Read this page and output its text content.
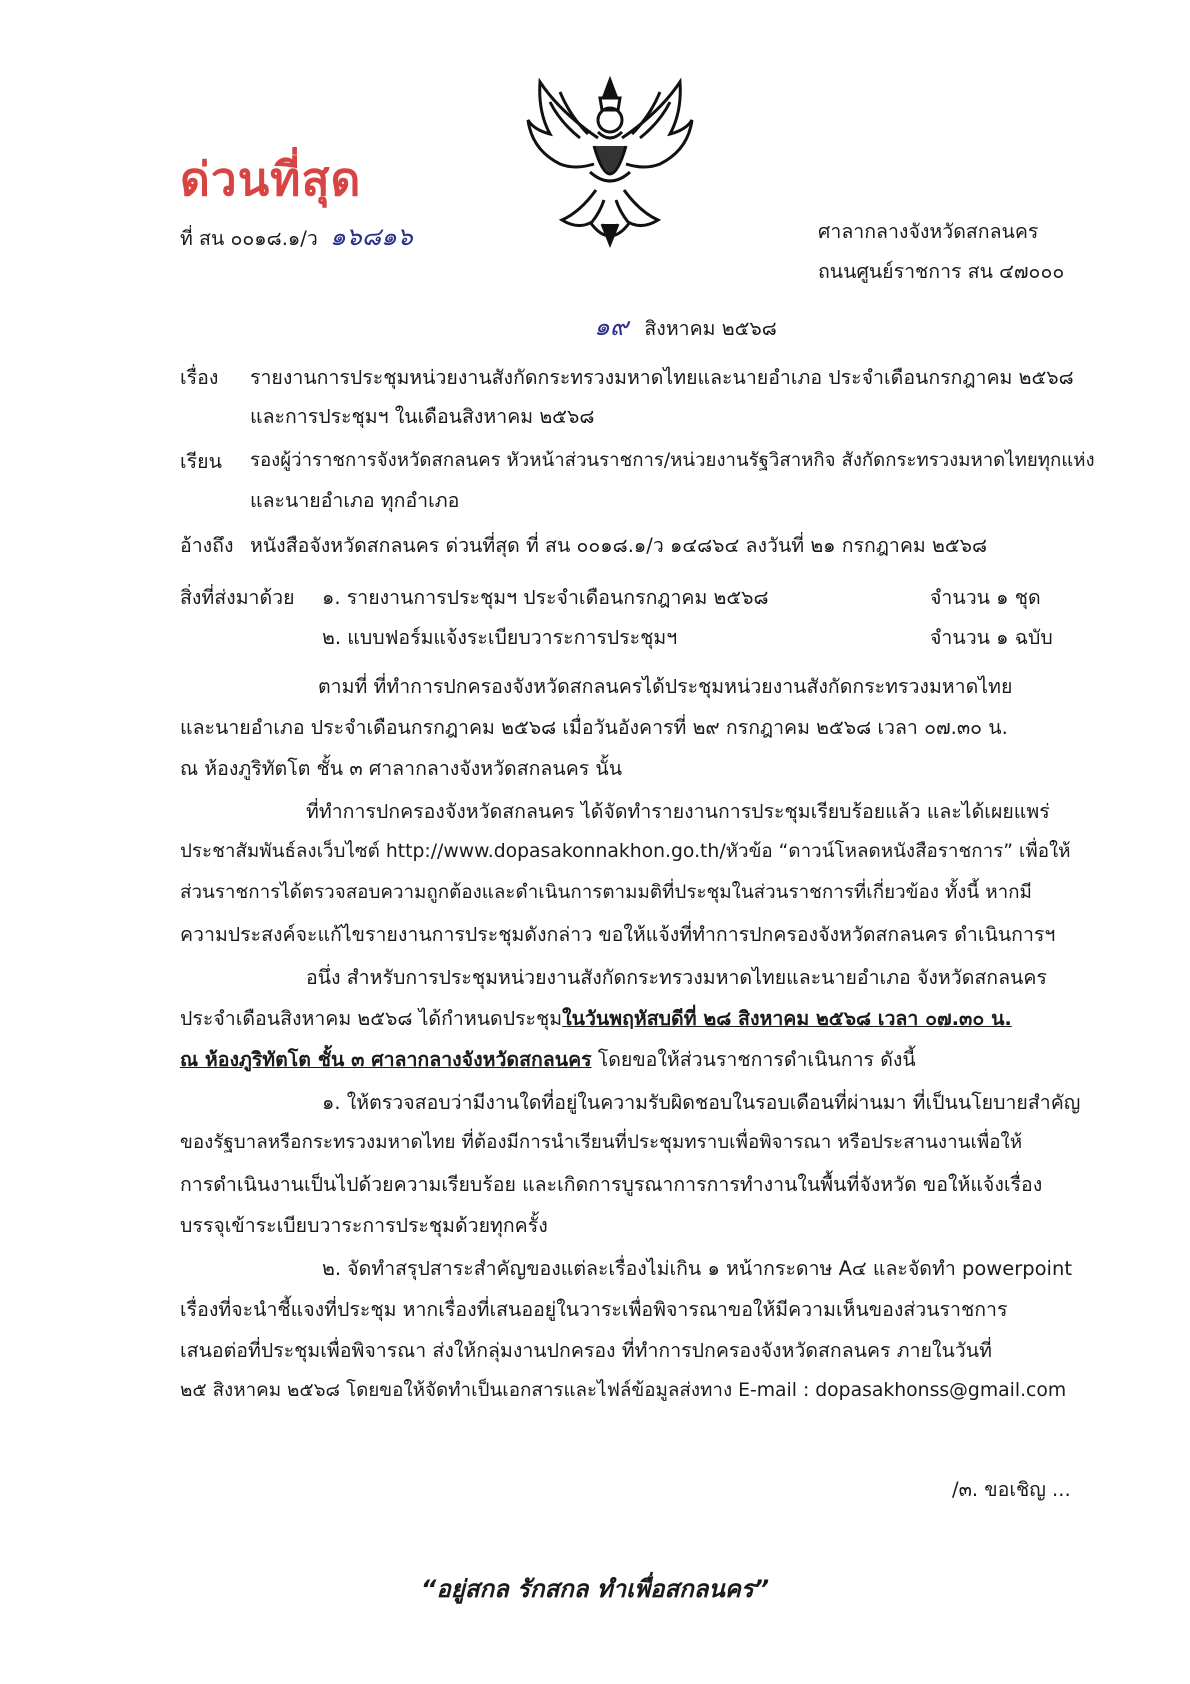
ด่วนที่สุด
ที่ สน ๐๐๑๘.๑/ว ๑๖๘๑๖	ศาลากลางจังหวัดสกลนคร
ถนนศูนย์ราชการ สน ๔๗๐๐๐
๑๙ สิงหาคม ๒๕๖๘
เรื่อง รายงานการประชุมหน่วยงานสังกัดกระทรวงมหาดไทยและนายอำเภอ ประจำเดือนกรกฎาคม ๒๕๖๘
และการประชุมฯ ในเดือนสิงหาคม ๒๕๖๘
เรียน รองผู้ว่าราชการจังหวัดสกลนคร หัวหน้าส่วนราชการ/หน่วยงานรัฐวิสาหกิจ สังกัดกระทรวงมหาดไทยทุกแห่ง
และนายอำเภอ ทุกอำเภอ
อ้างถึง หนังสือจังหวัดสกลนคร ด่วนที่สุด ที่ สน ๐๐๑๘.๑/ว ๑๔๘๖๔ ลงวันที่ ๒๑ กรกฎาคม ๒๕๖๘
สิ่งที่ส่งมาด้วย ๑. รายงานการประชุมฯ ประจำเดือนกรกฎาคม ๒๕๖๘	จำนวน ๑ ชุด
๒. แบบฟอร์มแจ้งระเบียบวาระการประชุมฯ	จำนวน ๑ ฉบับ
ตามที่ ที่ทำการปกครองจังหวัดสกลนครได้ประชุมหน่วยงานสังกัดกระทรวงมหาดไทย
และนายอำเภอ ประจำเดือนกรกฎาคม ๒๕๖๘ เมื่อวันอังคารที่ ๒๙ กรกฎาคม ๒๕๖๘ เวลา ๐๗.๓๐ น.
ณ ห้องภูริทัตโต ชั้น ๓ ศาลากลางจังหวัดสกลนคร นั้น
ที่ทำการปกครองจังหวัดสกลนคร ได้จัดทำรายงานการประชุมเรียบร้อยแล้ว และได้เผยแพร่
ประชาสัมพันธ์ลงเว็บไซต์ http://www.dopasakonnakhon.go.th/หัวข้อ “ดาวน์โหลดหนังสือราชการ” เพื่อให้
ส่วนราชการได้ตรวจสอบความถูกต้องและดำเนินการตามมติที่ประชุมในส่วนราชการที่เกี่ยวข้อง ทั้งนี้ หากมี
ความประสงค์จะแก้ไขรายงานการประชุมดังกล่าว ขอให้แจ้งที่ทำการปกครองจังหวัดสกลนคร ดำเนินการฯ
อนึ่ง สำหรับการประชุมหน่วยงานสังกัดกระทรวงมหาดไทยและนายอำเภอ จังหวัดสกลนคร
ประจำเดือนสิงหาคม ๒๕๖๘ ได้กำหนดประชุมในวันพฤหัสบดีที่ ๒๘ สิงหาคม ๒๕๖๘ เวลา ๐๗.๓๐ น.
ณ ห้องภูริทัตโต ชั้น ๓ ศาลากลางจังหวัดสกลนคร โดยขอให้ส่วนราชการดำเนินการ ดังนี้
๑. ให้ตรวจสอบว่ามีงานใดที่อยู่ในความรับผิดชอบในรอบเดือนที่ผ่านมา ที่เป็นนโยบายสำคัญ
ของรัฐบาลหรือกระทรวงมหาดไทย ที่ต้องมีการนำเรียนที่ประชุมทราบเพื่อพิจารณา หรือประสานงานเพื่อให้
การดำเนินงานเป็นไปด้วยความเรียบร้อย และเกิดการบูรณาการการทำงานในพื้นที่จังหวัด ขอให้แจ้งเรื่อง
บรรจุเข้าระเบียบวาระการประชุมด้วยทุกครั้ง
๒. จัดทำสรุปสาระสำคัญของแต่ละเรื่องไม่เกิน ๑ หน้ากระดาษ A๔ และจัดทำ powerpoint
เรื่องที่จะนำชี้แจงที่ประชุม หากเรื่องที่เสนออยู่ในวาระเพื่อพิจารณาขอให้มีความเห็นของส่วนราชการ
เสนอต่อที่ประชุมเพื่อพิจารณา ส่งให้กลุ่มงานปกครอง ที่ทำการปกครองจังหวัดสกลนคร ภายในวันที่
๒๕ สิงหาคม ๒๕๖๘ โดยขอให้จัดทำเป็นเอกสารและไฟล์ข้อมูลส่งทาง E-mail : dopasakhonss@gmail.com
/๓. ขอเชิญ ...
“อยู่สกล รักสกล ทำเพื่อสกลนคร”
